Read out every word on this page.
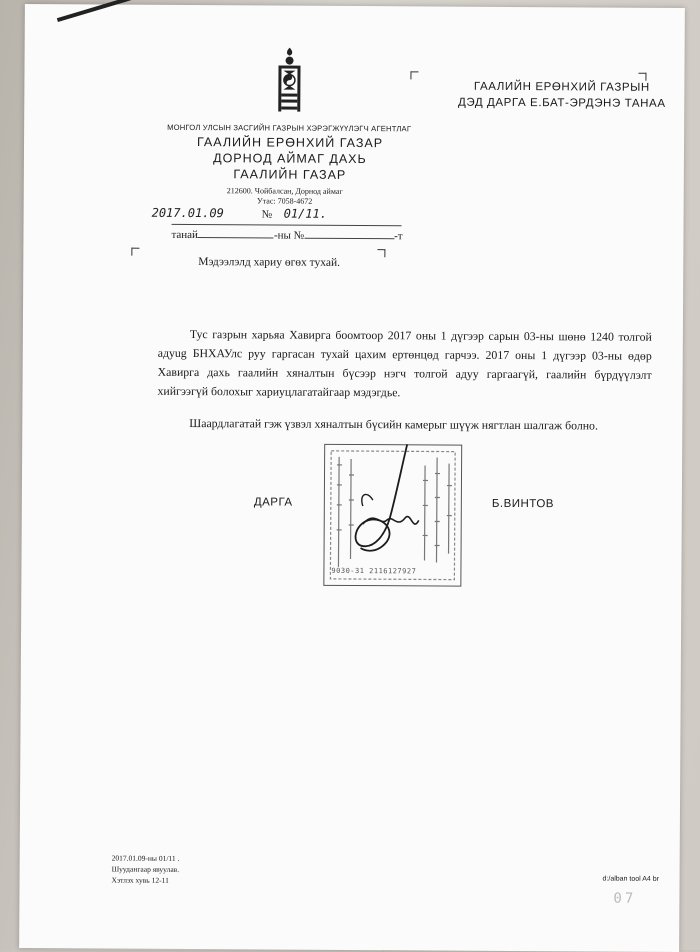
МОНГОЛ УЛСЫН ЗАСГИЙН ГАЗРЫН ХЭРЭГЖҮҮЛЭГЧ АГЕНТЛАГ
ГААЛИЙН ЕРӨНХИЙ ГАЗАР
ДОРНОД АЙМАГ ДАХЬ
ГААЛИЙН ГАЗАР
212600. Чойбалсан, Дорнод аймаг
Утас: 7058-4672
2017.01.09	№ 01/11.
танай	-ны №	-т
Мэдээлэлд хариу өгөх тухай.
ГААЛИЙН ЕРӨНХИЙ ГАЗРЫН
ДЭД ДАРГА Е.БАТ-ЭРДЭНЭ ТАНАА
Тус газрын харьяа Хавирга боомтоор 2017 оны 1 дүгээр сарын 03-ны шөнө 1240 толгой адуug БНХАУлс руу гаргасан тухай цахим ертөнцөд гарчээ. 2017 оны 1 дүгээр 03-ны өдөр Хавирга дахь гаалийн хяналтын бүсээр нэгч толгой адуу гаргаагүй, гаалийн бүрдүүлэлт хийгээгүй болохыг хариуцлагатайгаар мэдэгдье.
Шаардлагатай гэж үзвэл хяналтын бүсийн камерыг шүүж нягтлан шалгаж болно.
ДАРГА	Б.ВИНТОВ
9030-31 2116127927
2017.01.09-ны 01/11 .
Шуудангаар явуулав.
Хэтлэх хувь 12-11	d:/alban tool A4 br
07
